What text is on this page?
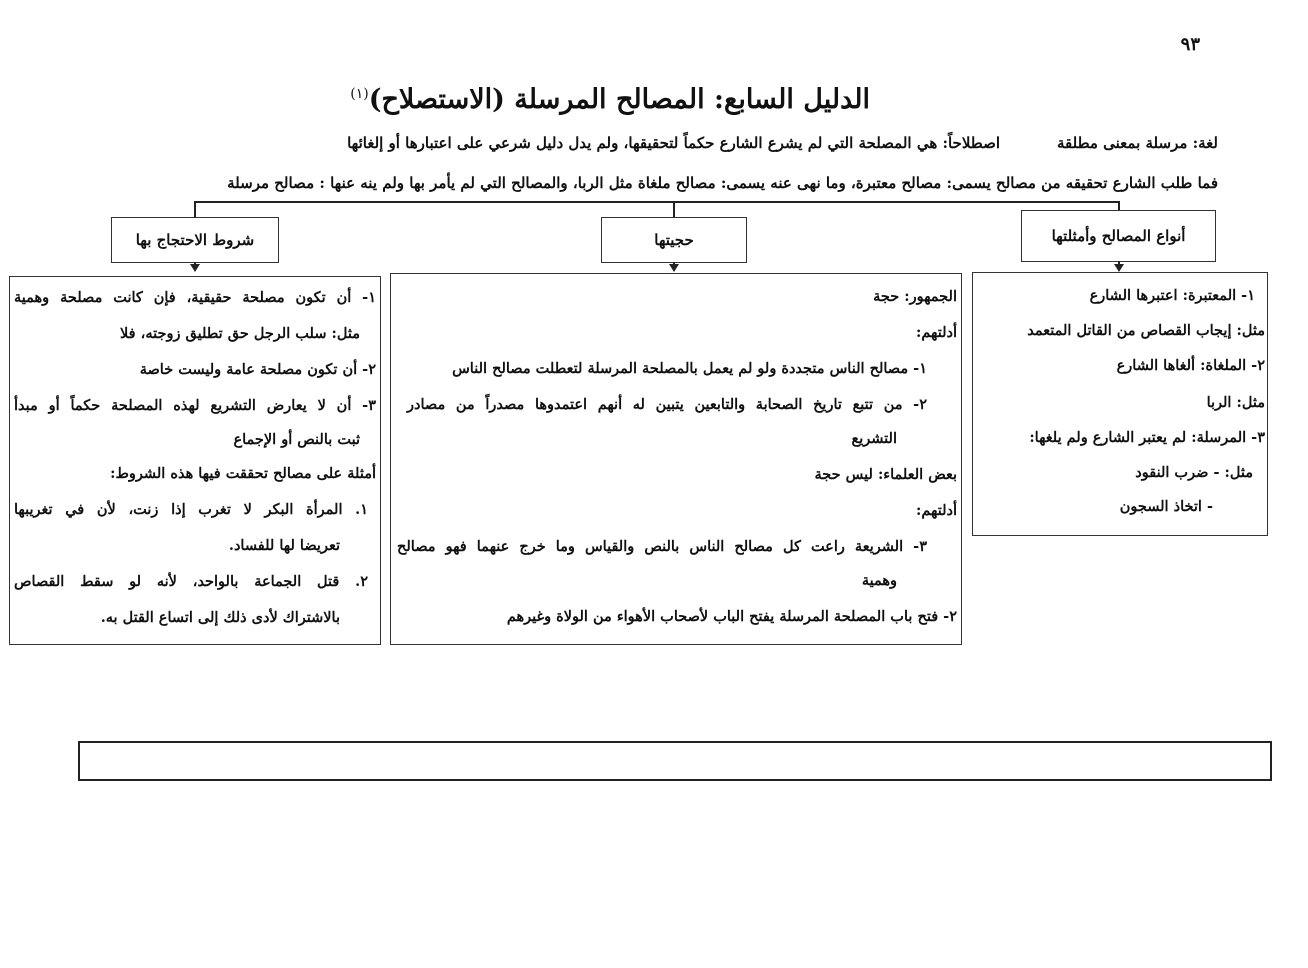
٩٣
الدليل السابع: المصالح المرسلة (الاستصلاح)$^{(١)}$
لغة: مرسلة بمعنى مطلقة
اصطلاحاً: هي المصلحة التي لم يشرع الشارع حكماً لتحقيقها، ولم يدل دليل شرعي على اعتبارها أو إلغائها
فما طلب الشارع تحقيقه من مصالح يسمى: مصالح معتبرة، وما نهى عنه يسمى: مصالح ملغاة مثل الربا، والمصالح التي لم يأمر بها ولم ينه عنها : مصالح مرسلة
أنواع المصالح وأمثلتها
حجيتها
شروط الاحتجاج بها
١- المعتبرة: اعتبرها الشارع
مثل: إيجاب القصاص من القاتل المتعمد
٢- الملغاة: ألغاها الشارع
مثل: الربا
٣- المرسلة: لم يعتبر الشارع ولم يلغها:
مثل: - ضرب النقود
- اتخاذ السجون
الجمهور: حجة
أدلتهم:
١- مصالح الناس متجددة ولو لم يعمل بالمصلحة المرسلة لتعطلت مصالح الناس
٢- من تتبع تاريخ الصحابة والتابعين يتبين له أنهم اعتمدوها مصدراً من مصادر
التشريع
بعض العلماء: ليس حجة
أدلتهم:
٣- الشريعة راعت كل مصالح الناس بالنص والقياس وما خرج عنهما فهو مصالح
وهمية
٢- فتح باب المصلحة المرسلة يفتح الباب لأصحاب الأهواء من الولاة وغيرهم
١- أن تكون مصلحة حقيقية، فإن كانت مصلحة وهمية
مثل: سلب الرجل حق تطليق زوجته، فلا
٢- أن تكون مصلحة عامة وليست خاصة
٣- أن لا يعارض التشريع لهذه المصلحة حكماً أو مبدأ
ثبت بالنص أو الإجماع
أمثلة على مصالح تحققت فيها هذه الشروط:
١. المرأة البكر لا تغرب إذا زنت، لأن في تغريبها
تعريضا لها للفساد.
٢. قتل الجماعة بالواحد، لأنه لو سقط القصاص
بالاشتراك لأدى ذلك إلى اتساع القتل به.
